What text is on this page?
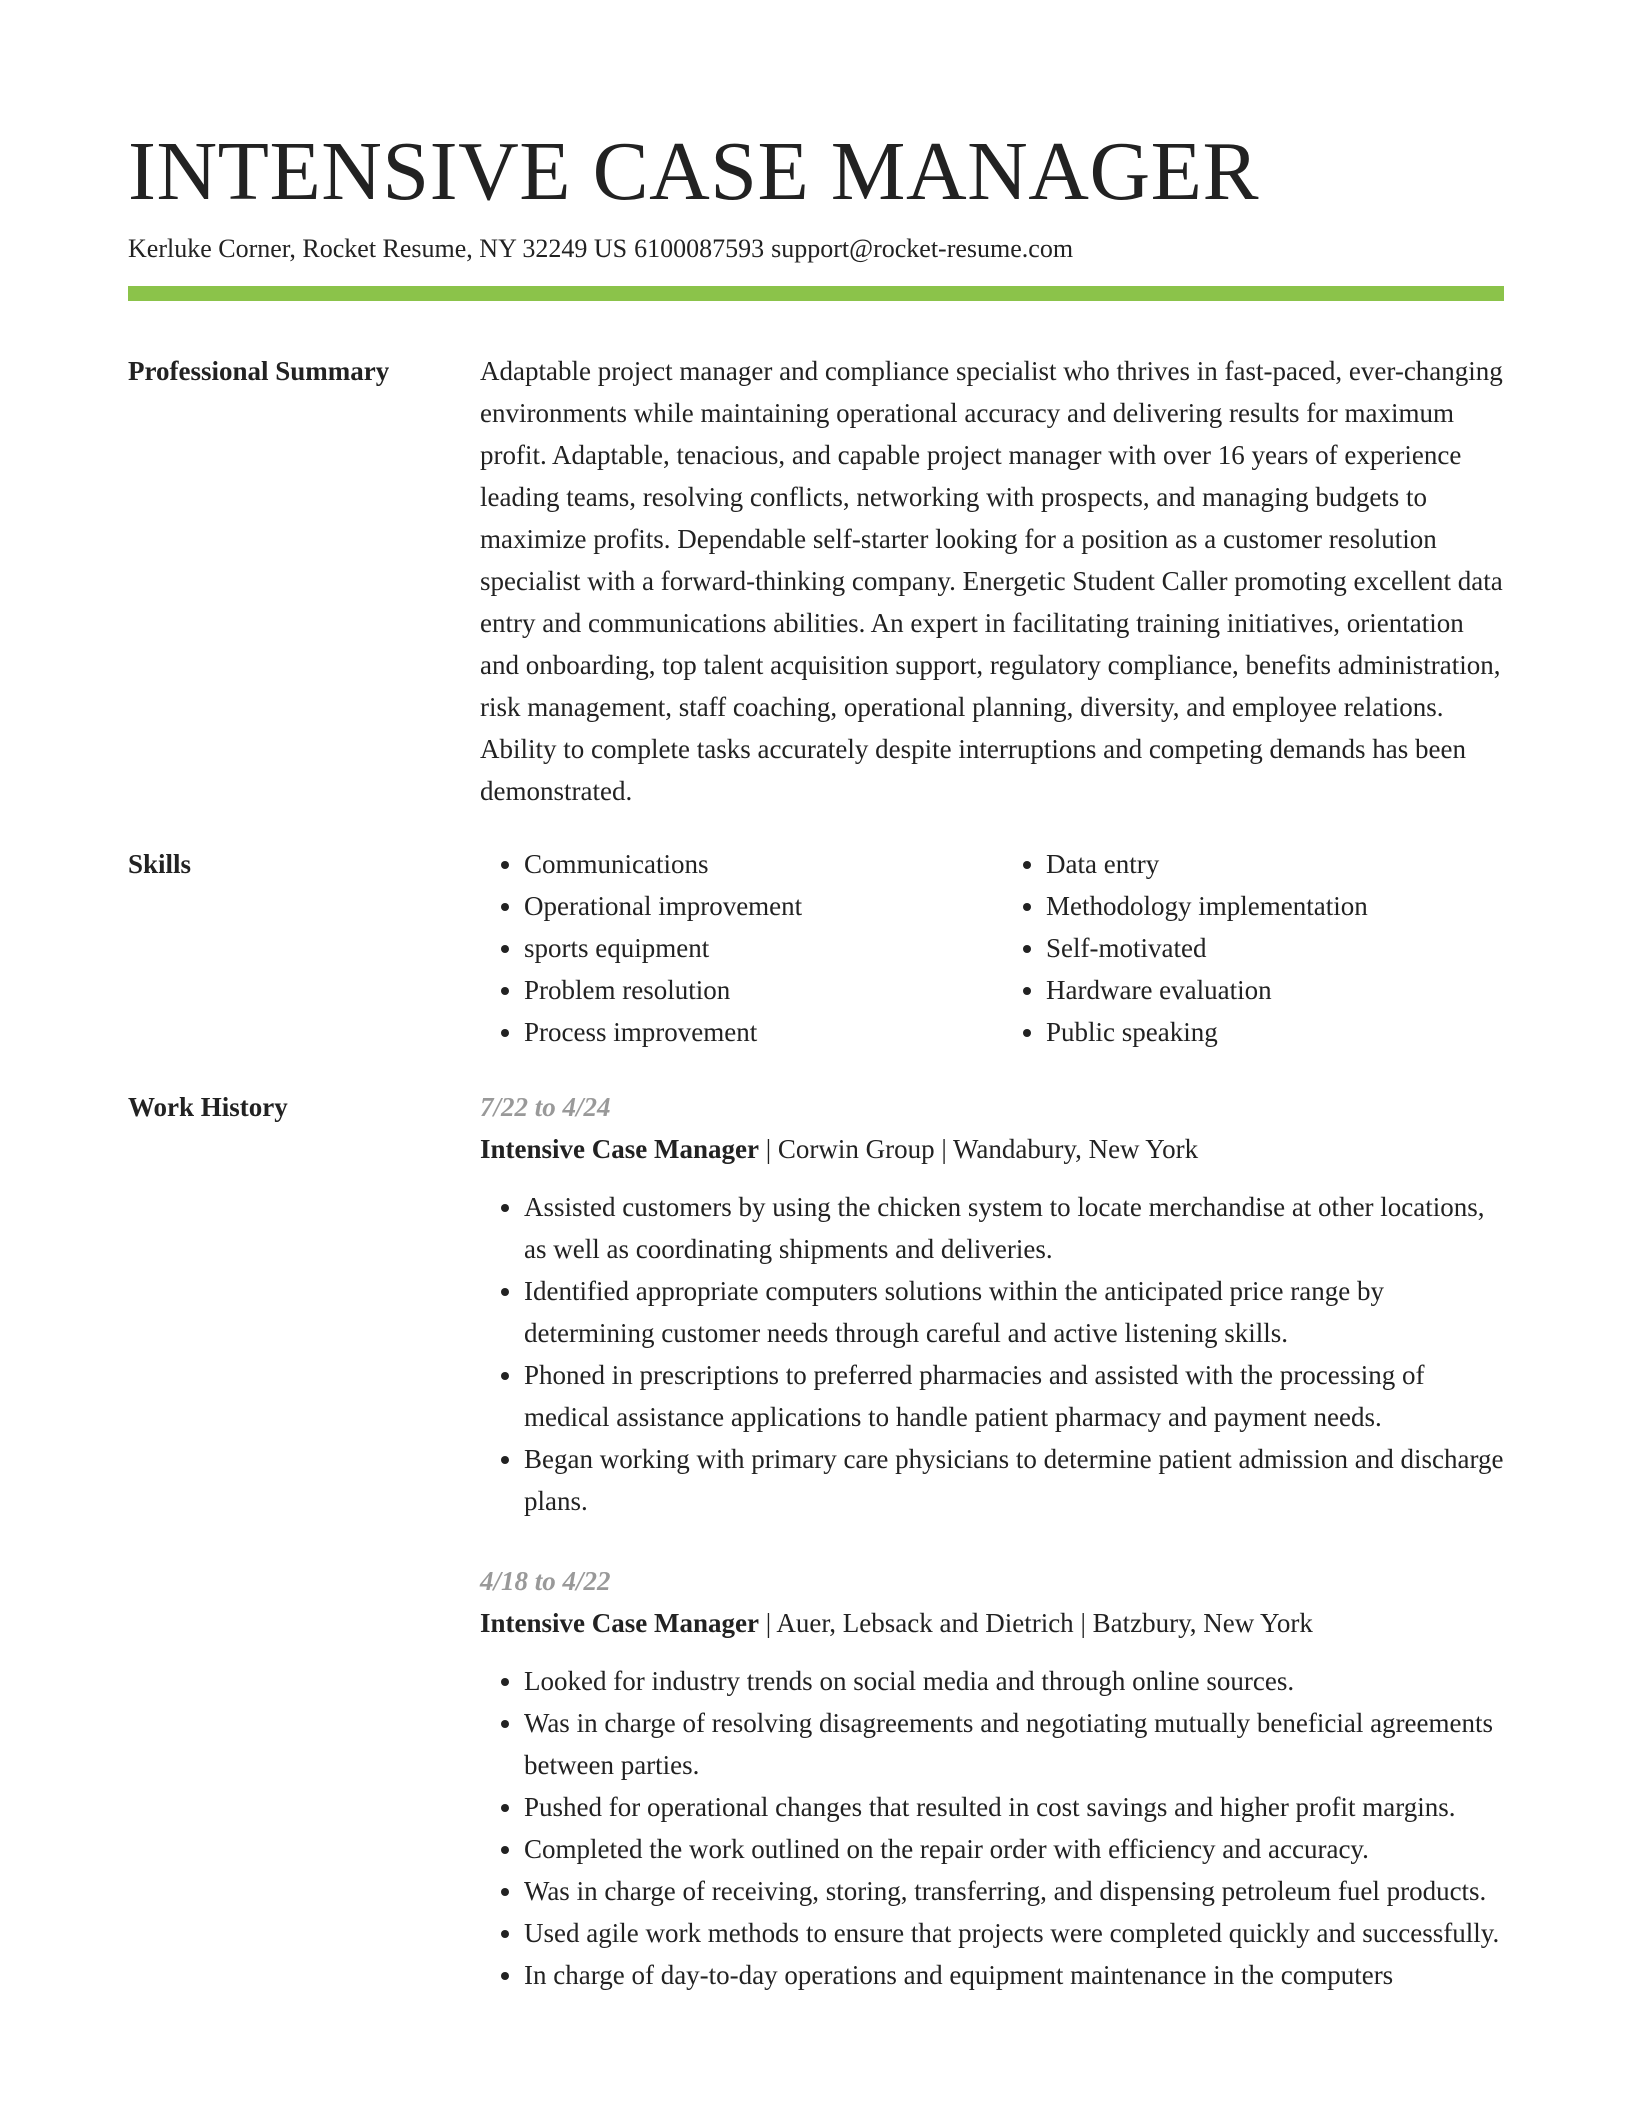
INTENSIVE CASE MANAGER
Kerluke Corner, Rocket Resume, NY 32249 US 6100087593 support@rocket-resume.com
Professional Summary	Adaptable project manager and compliance specialist who thrives in fast-paced, ever-changing environments while maintaining operational accuracy and delivering results for maximum profit. Adaptable, tenacious, and capable project manager with over 16 years of experience leading teams, resolving conflicts, networking with prospects, and managing budgets to maximize profits. Dependable self-starter looking for a position as a customer resolution specialist with a forward-thinking company. Energetic Student Caller promoting excellent data entry and communications abilities. An expert in facilitating training initiatives, orientation and onboarding, top talent acquisition support, regulatory compliance, benefits administration, risk management, staff coaching, operational planning, diversity, and employee relations. Ability to complete tasks accurately despite interruptions and competing demands has been demonstrated.

Skills
•	Communications
• Operational improvement
• sports equipment
• Problem resolution
• Process improvement
• Data entry
• Methodology implementation
• Self-motivated
• Hardware evaluation
• Public speaking
Work History	7/22 to 4/24
Intensive Case Manager | Corwin Group | Wandabury, New York
• Assisted customers by using the chicken system to locate merchandise at other locations, as well as coordinating shipments and deliveries.
• Identified appropriate computers solutions within the anticipated price range by determining customer needs through careful and active listening skills.
• Phoned in prescriptions to preferred pharmacies and assisted with the processing of medical assistance applications to handle patient pharmacy and payment needs.
• Began working with primary care physicians to determine patient admission and discharge plans.
4/18 to 4/22
Intensive Case Manager | Auer, Lebsack and Dietrich | Batzbury, New York
• Looked for industry trends on social media and through online sources.
• Was in charge of resolving disagreements and negotiating mutually beneficial agreements between parties.
• Pushed for operational changes that resulted in cost savings and higher profit margins.
• Completed the work outlined on the repair order with efficiency and accuracy.
• Was in charge of receiving, storing, transferring, and dispensing petroleum fuel products.
• Used agile work methods to ensure that projects were completed quickly and successfully.
• In charge of day-to-day operations and equipment maintenance in the computers
